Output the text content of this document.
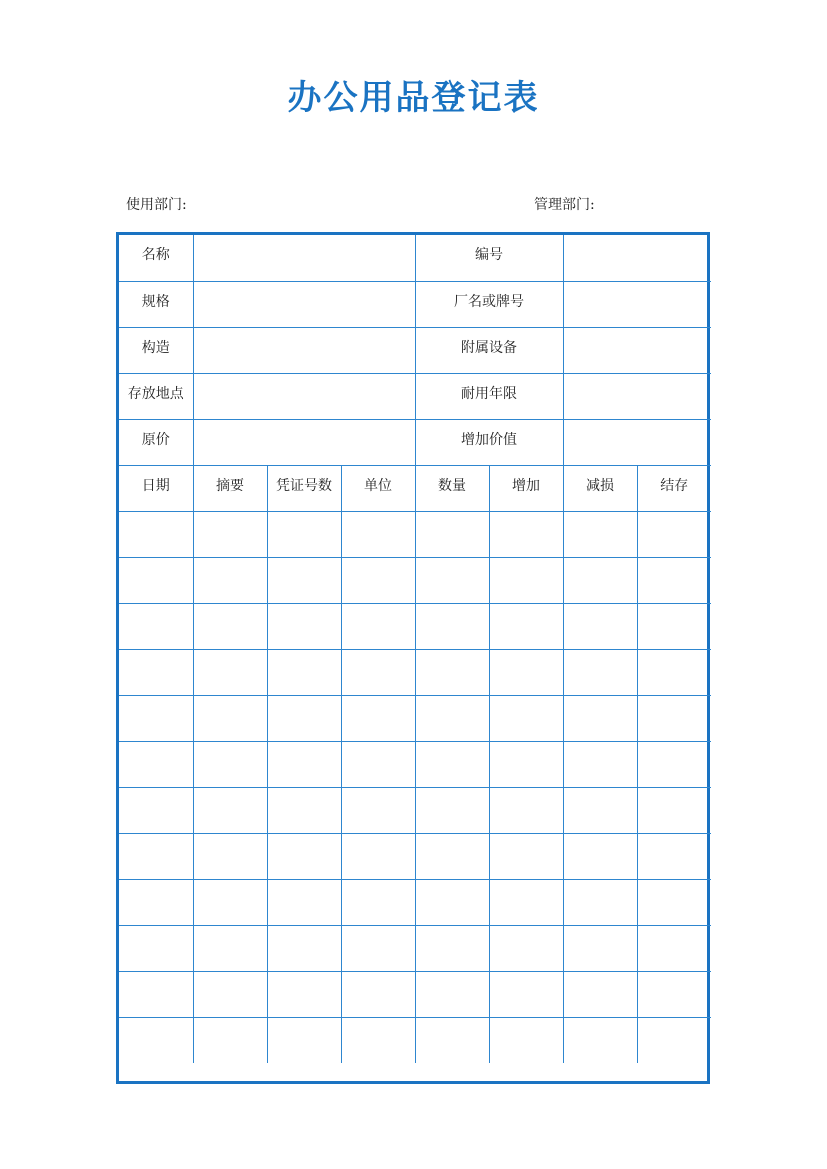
办公用品登记表
使用部门:	管理部门:
名称				编号			
规格				厂名或牌号			
构造				附属设备			
存放地点				耐用年限			
原价				增加价值			
日期	摘要	凭证号数	单位	数量	增加	减损	结存
